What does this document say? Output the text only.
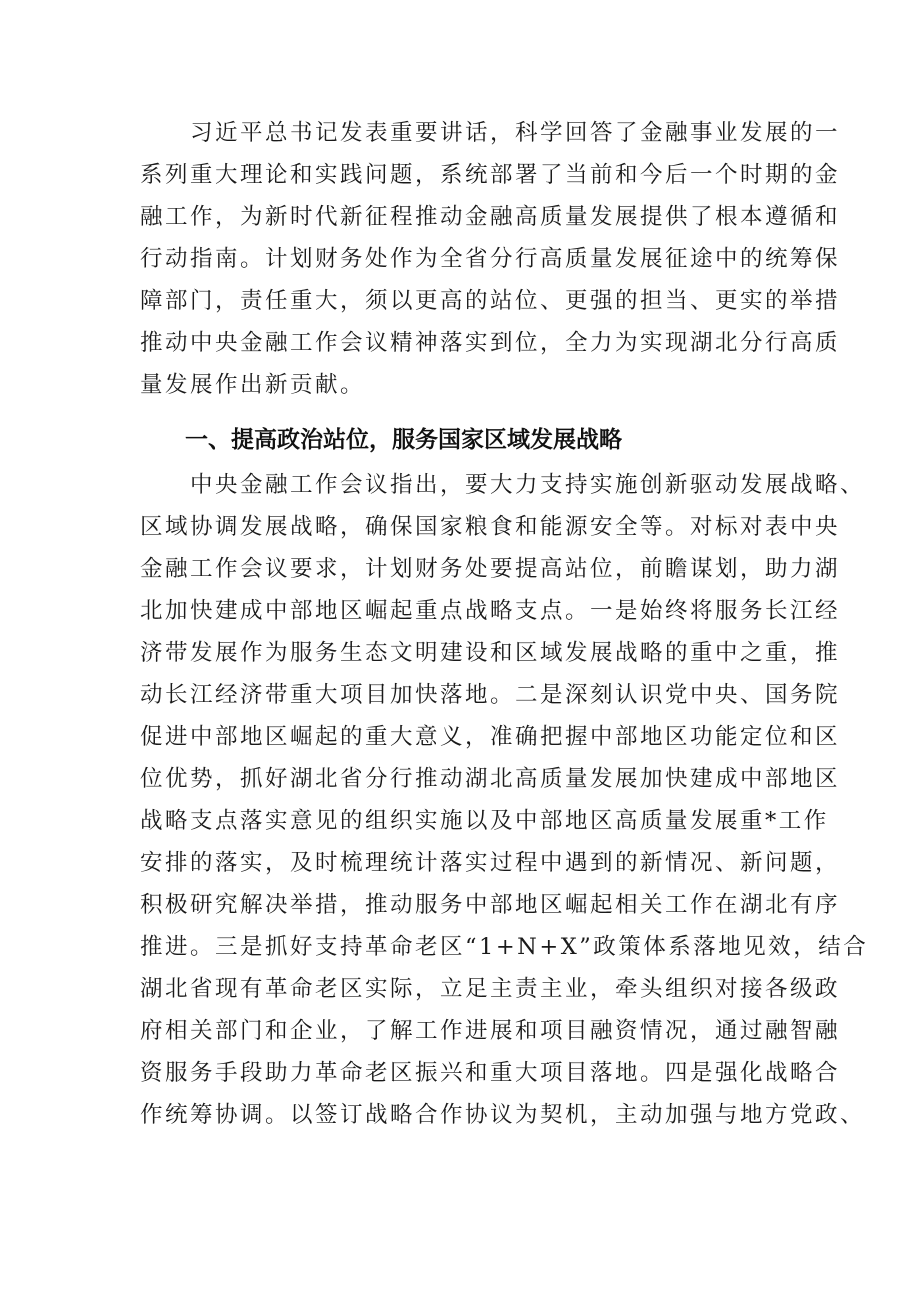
习近平总书记发表重要讲话，科学回答了金融事业发展的一
系列重大理论和实践问题，系统部署了当前和今后一个时期的金
融工作，为新时代新征程推动金融高质量发展提供了根本遵循和
行动指南。计划财务处作为全省分行高质量发展征途中的统筹保
障部门，责任重大，须以更高的站位、更强的担当、更实的举措
推动中央金融工作会议精神落实到位，全力为实现湖北分行高质
量发展作出新贡献。
一、提高政治站位，服务国家区域发展战略
中央金融工作会议指出，要大力支持实施创新驱动发展战略、
区域协调发展战略，确保国家粮食和能源安全等。对标对表中央
金融工作会议要求，计划财务处要提高站位，前瞻谋划，助力湖
北加快建成中部地区崛起重点战略支点。一是始终将服务长江经
济带发展作为服务生态文明建设和区域发展战略的重中之重，推
动长江经济带重大项目加快落地。二是深刻认识党中央、国务院
促进中部地区崛起的重大意义，准确把握中部地区功能定位和区
位优势，抓好湖北省分行推动湖北高质量发展加快建成中部地区
战略支点落实意见的组织实施以及中部地区高质量发展重*工作
安排的落实，及时梳理统计落实过程中遇到的新情况、新问题，
积极研究解决举措，推动服务中部地区崛起相关工作在湖北有序
推进。三是抓好支持革命老区“1+N+X”政策体系落地见效，结合
湖北省现有革命老区实际，立足主责主业，牵头组织对接各级政
府相关部门和企业，了解工作进展和项目融资情况，通过融智融
资服务手段助力革命老区振兴和重大项目落地。四是强化战略合
作统筹协调。以签订战略合作协议为契机，主动加强与地方党政、
